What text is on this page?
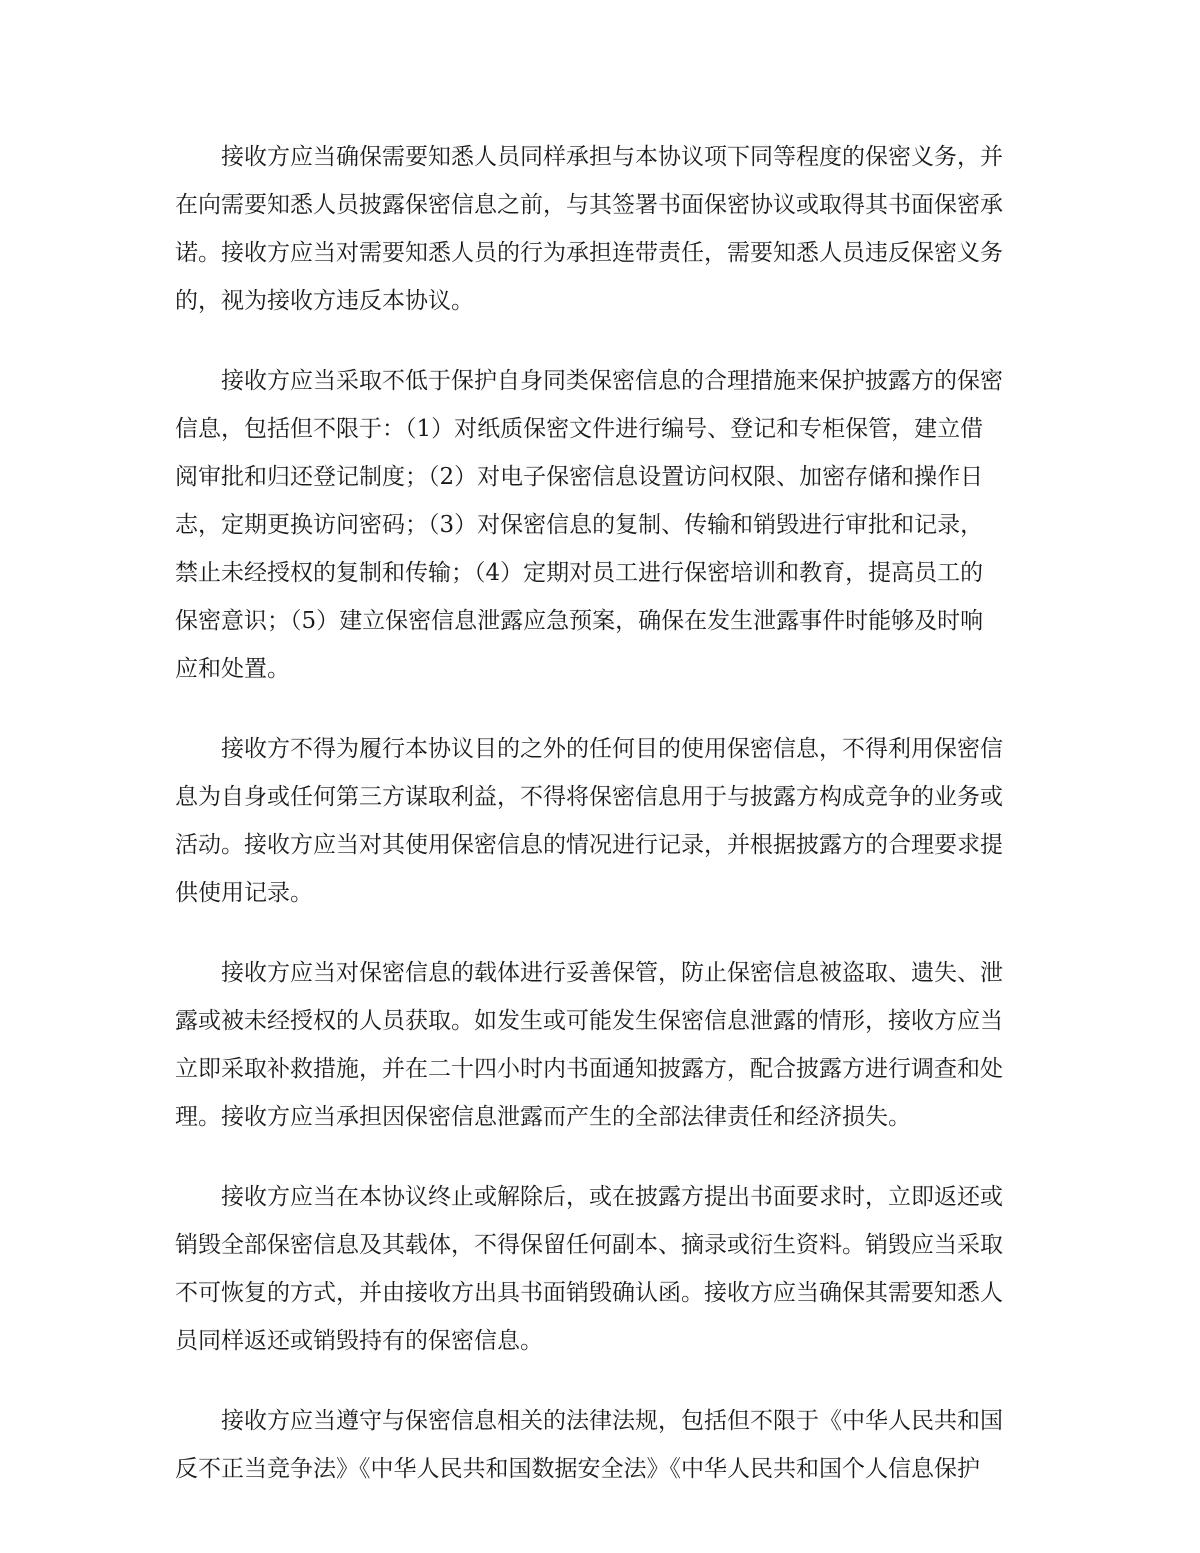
接收方应当确保需要知悉人员同样承担与本协议项下同等程度的保密义务，并
在向需要知悉人员披露保密信息之前，与其签署书面保密协议或取得其书面保密承
诺。接收方应当对需要知悉人员的行为承担连带责任，需要知悉人员违反保密义务
的，视为接收方违反本协议。
接收方应当采取不低于保护自身同类保密信息的合理措施来保护披露方的保密
信息，包括但不限于：（1）对纸质保密文件进行编号、登记和专柜保管，建立借
阅审批和归还登记制度；（2）对电子保密信息设置访问权限、加密存储和操作日
志，定期更换访问密码；（3）对保密信息的复制、传输和销毁进行审批和记录，
禁止未经授权的复制和传输；（4）定期对员工进行保密培训和教育，提高员工的
保密意识；（5）建立保密信息泄露应急预案，确保在发生泄露事件时能够及时响
应和处置。
接收方不得为履行本协议目的之外的任何目的使用保密信息，不得利用保密信
息为自身或任何第三方谋取利益，不得将保密信息用于与披露方构成竞争的业务或
活动。接收方应当对其使用保密信息的情况进行记录，并根据披露方的合理要求提
供使用记录。
接收方应当对保密信息的载体进行妥善保管，防止保密信息被盗取、遗失、泄
露或被未经授权的人员获取。如发生或可能发生保密信息泄露的情形，接收方应当
立即采取补救措施，并在二十四小时内书面通知披露方，配合披露方进行调查和处
理。接收方应当承担因保密信息泄露而产生的全部法律责任和经济损失。
接收方应当在本协议终止或解除后，或在披露方提出书面要求时，立即返还或
销毁全部保密信息及其载体，不得保留任何副本、摘录或衍生资料。销毁应当采取
不可恢复的方式，并由接收方出具书面销毁确认函。接收方应当确保其需要知悉人
员同样返还或销毁持有的保密信息。
接收方应当遵守与保密信息相关的法律法规，包括但不限于《中华人民共和国
反不正当竞争法》《中华人民共和国数据安全法》《中华人民共和国个人信息保护
